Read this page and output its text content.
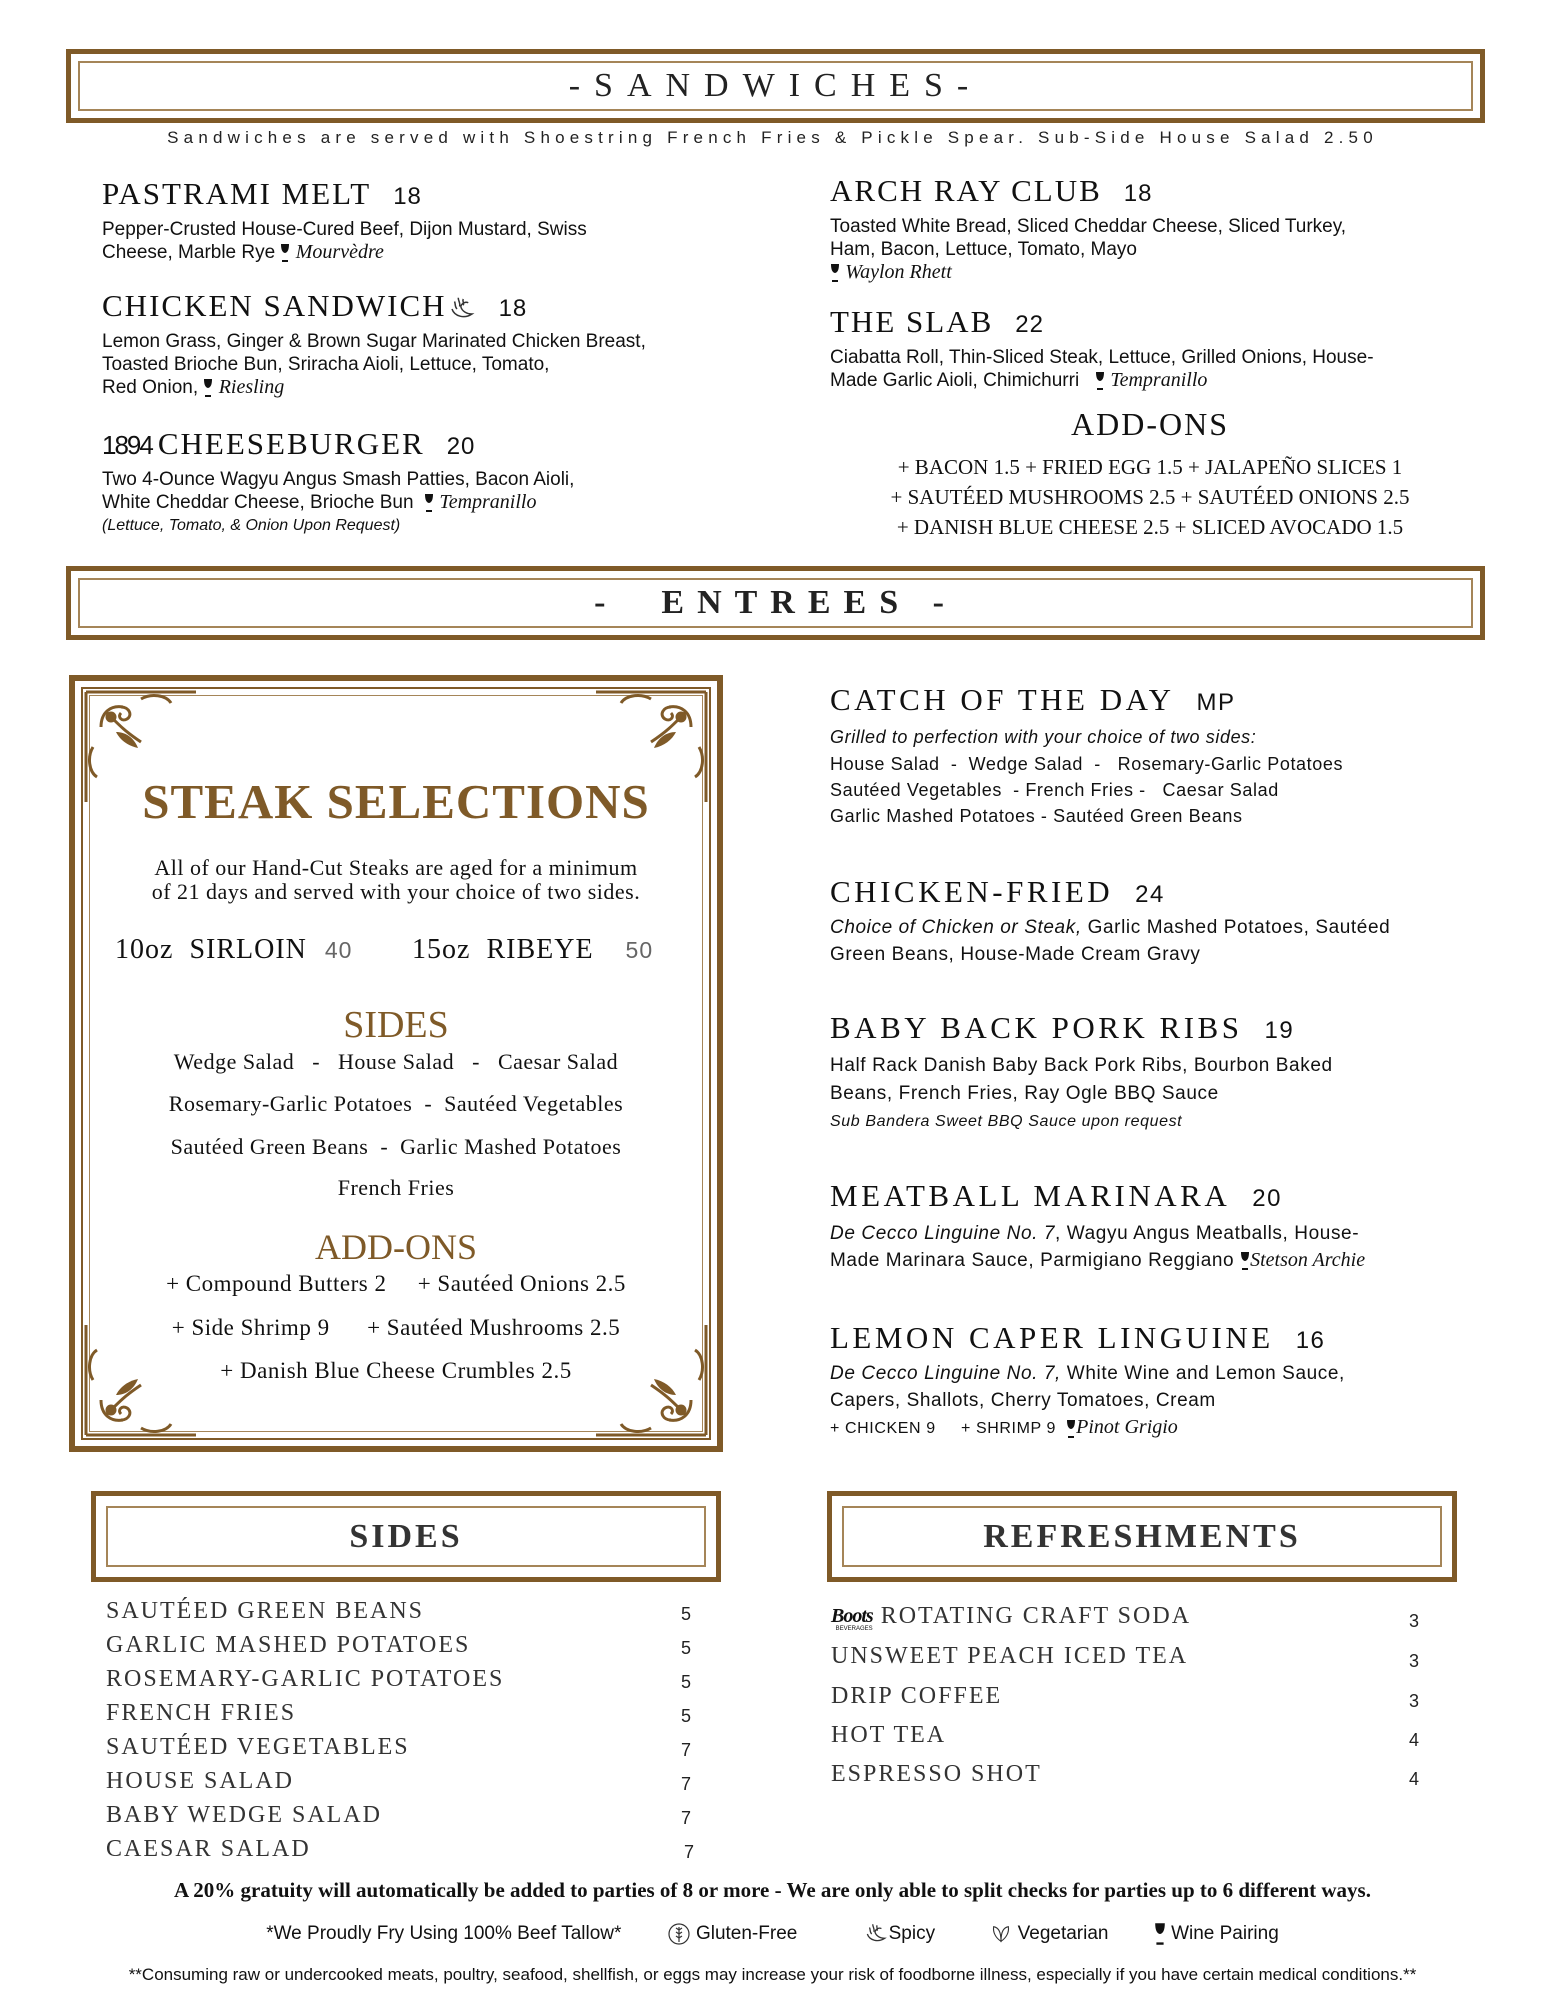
-SANDWICHES-
Sandwiches are served with Shoestring French Fries & Pickle Spear. Sub-Side House Salad 2.50
PASTRAMI MELT 18
Pepper-Crusted House-Cured Beef, Dijon Mustard, Swiss
Cheese, Marble Rye Mourvèdre
CHICKEN SANDWICH 18
Lemon Grass, Ginger & Brown Sugar Marinated Chicken Breast,
Toasted Brioche Bun, Sriracha Aioli, Lettuce, Tomato,
Red Onion, Riesling
1894 CHEESEBURGER 20
Two 4-Ounce Wagyu Angus Smash Patties, Bacon Aioli,
White Cheddar Cheese, Brioche Bun Tempranillo
(Lettuce, Tomato, & Onion Upon Request)
ARCH RAY CLUB 18
Toasted White Bread, Sliced Cheddar Cheese, Sliced Turkey,
Ham, Bacon, Lettuce, Tomato, Mayo
Waylon Rhett
THE SLAB 22
Ciabatta Roll, Thin-Sliced Steak, Lettuce, Grilled Onions, House-
Made Garlic Aioli, Chimichurri Tempranillo
ADD-ONS
+ BACON 1.5 + FRIED EGG 1.5 + JALAPEÑO SLICES 1
+ SAUTÉED MUSHROOMS 2.5 + SAUTÉED ONIONS 2.5
+ DANISH BLUE CHEESE 2.5 + SLICED AVOCADO 1.5
-  ENTREES -
STEAK SELECTIONS
All of our Hand-Cut Steaks are aged for a minimum
of 21 days and served with your choice of two sides.
10oz SIRLOIN 40 15oz RIBEYE 50
SIDES
Wedge Salad   -   House Salad   -   Caesar Salad
Rosemary-Garlic Potatoes  -  Sautéed Vegetables
Sautéed Green Beans  -  Garlic Mashed Potatoes
French Fries
ADD-ONS
+ Compound Butters 2     + Sautéed Onions 2.5
+ Side Shrimp 9      + Sautéed Mushrooms 2.5
+ Danish Blue Cheese Crumbles 2.5
CATCH OF THE DAY MP
Grilled to perfection with your choice of two sides:
House Salad  -  Wedge Salad  -   Rosemary-Garlic Potatoes
Sautéed Vegetables  - French Fries -   Caesar Salad
Garlic Mashed Potatoes - Sautéed Green Beans
CHICKEN-FRIED 24
Choice of Chicken or Steak, Garlic Mashed Potatoes, Sautéed
Green Beans, House-Made Cream Gravy
BABY BACK PORK RIBS 19
Half Rack Danish Baby Back Pork Ribs, Bourbon Baked
Beans, French Fries, Ray Ogle BBQ Sauce
Sub Bandera Sweet BBQ Sauce upon request
MEATBALL MARINARA 20
De Cecco Linguine No. 7, Wagyu Angus Meatballs, House-
Made Marinara Sauce, Parmigiano Reggiano Stetson Archie
LEMON CAPER LINGUINE 16
De Cecco Linguine No. 7, White Wine and Lemon Sauce,
Capers, Shallots, Cherry Tomatoes, Cream
+ CHICKEN 9     + SHRIMP 9 Pinot Grigio
SIDES
SAUTÉED GREEN BEANS	5
GARLIC MASHED POTATOES	5
ROSEMARY-GARLIC POTATOES	5
FRENCH FRIES	5
SAUTÉED VEGETABLES	7
HOUSE SALAD	7
BABY WEDGE SALAD	7
CAESAR SALAD	7
REFRESHMENTS
Boots
BEVERAGES ROTATING CRAFT SODA	3
UNSWEET PEACH ICED TEA	3
DRIP COFFEE	3
HOT TEA	4
ESPRESSO SHOT	4
A 20% gratuity will automatically be added to parties of 8 or more - We are only able to split checks for parties up to 6 different ways.
*We Proudly Fry Using 100% Beef Tallow*	Gluten-Free	Spicy	Vegetarian	Wine Pairing
**Consuming raw or undercooked meats, poultry, seafood, shellfish, or eggs may increase your risk of foodborne illness, especially if you have certain medical conditions.**
